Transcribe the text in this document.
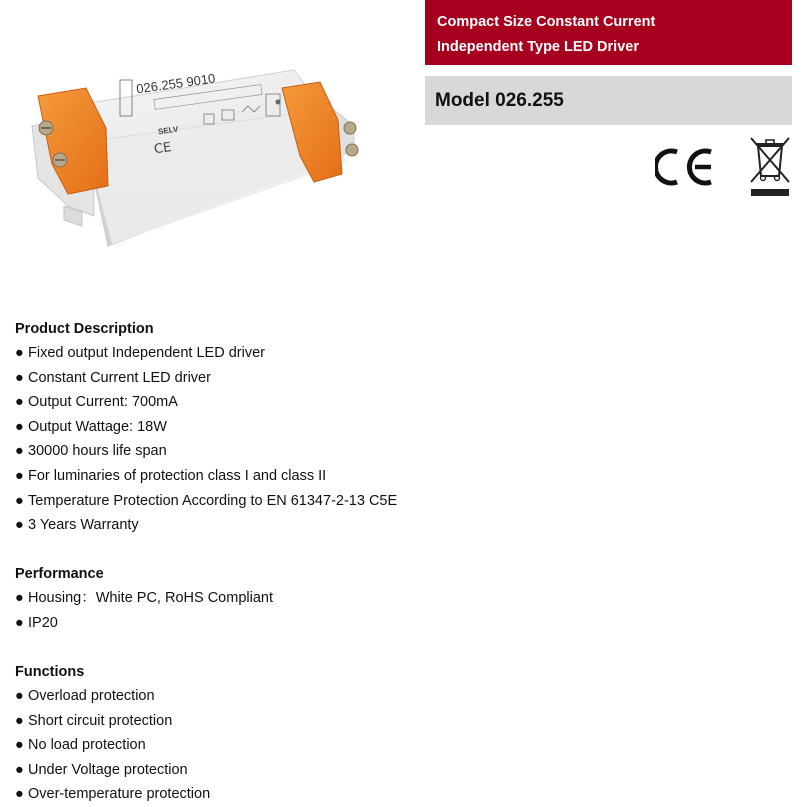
CE
026.255 9010
SELV
Compact Size Constant Current
Independent Type LED Driver
Model 026.255
Product Description
● Fixed output Independent LED driver
● Constant Current LED driver
● Output Current: 700mA
● Output Wattage: 18W
● 30000 hours life span
● For luminaries of protection class I and class II
● Temperature Protection According to EN 61347-2-13 C5E
● 3 Years Warranty
Performance
● Housing：White PC, RoHS Compliant
● IP20
Functions
● Overload protection
● Short circuit protection
● No load protection
● Under Voltage protection
● Over-temperature protection
